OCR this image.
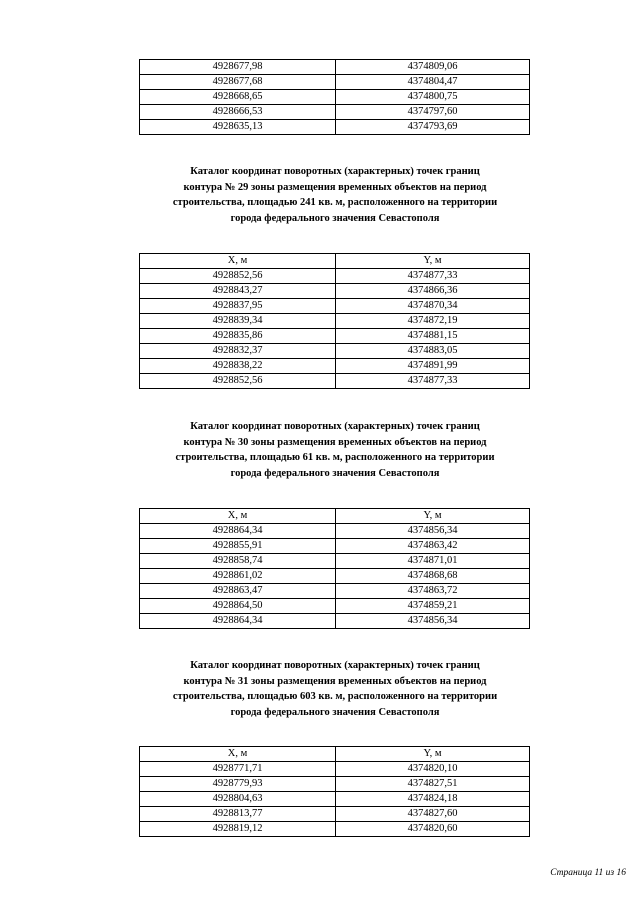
4928677,98	4374809,06
4928677,68	4374804,47
4928668,65	4374800,75
4928666,53	4374797,60
4928635,13	4374793,69
Каталог координат поворотных (характерных) точек границ
контура № 29 зоны размещения временных объектов на период
строительства, площадью 241 кв. м, расположенного на территории
города федерального значения Севастополя
X, м	Y, м
4928852,56	4374877,33
4928843,27	4374866,36
4928837,95	4374870,34
4928839,34	4374872,19
4928835,86	4374881,15
4928832,37	4374883,05
4928838,22	4374891,99
4928852,56	4374877,33
Каталог координат поворотных (характерных) точек границ
контура № 30 зоны размещения временных объектов на период
строительства, площадью 61 кв. м, расположенного на территории
города федерального значения Севастополя
X, м	Y, м
4928864,34	4374856,34
4928855,91	4374863,42
4928858,74	4374871,01
4928861,02	4374868,68
4928863,47	4374863,72
4928864,50	4374859,21
4928864,34	4374856,34
Каталог координат поворотных (характерных) точек границ
контура № 31 зоны размещения временных объектов на период
строительства, площадью 603 кв. м, расположенного на территории
города федерального значения Севастополя
X, м	Y, м
4928771,71	4374820,10
4928779,93	4374827,51
4928804,63	4374824,18
4928813,77	4374827,60
4928819,12	4374820,60
Страница 11 из 16
